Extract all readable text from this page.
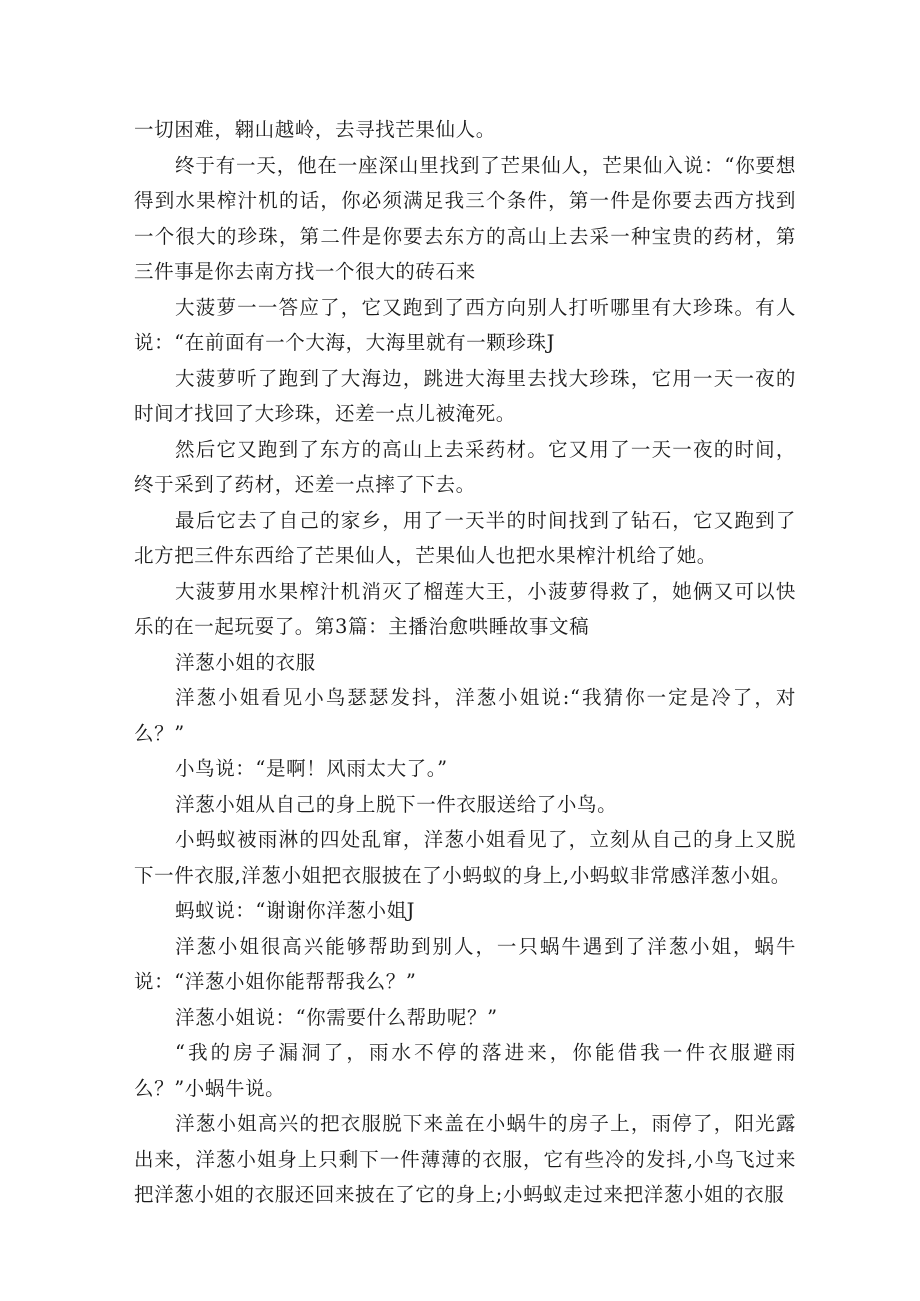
一切困难，翱山越岭，去寻找芒果仙人。

终于有一天，他在一座深山里找到了芒果仙人，芒果仙入说：“你要想得到水果榨汁机的话，你必须满足我三个条件，第一件是你要去西方找到一个很大的珍珠，第二件是你要去东方的高山上去采一种宝贵的药材，第三件事是你去南方找一个很大的砖石来

大菠萝一一答应了，它又跑到了西方向别人打听哪里有大珍珠。有人说：“在前面有一个大海，大海里就有一颗珍珠J

大菠萝听了跑到了大海边，跳进大海里去找大珍珠，它用一天一夜的时间才找回了大珍珠，还差一点儿被淹死。

然后它又跑到了东方的高山上去采药材。它又用了一天一夜的时间，终于采到了药材，还差一点摔了下去。

最后它去了自己的家乡，用了一天半的时间找到了钻石，它又跑到了北方把三件东西给了芒果仙人，芒果仙人也把水果榨汁机给了她。

大菠萝用水果榨汁机消灭了榴莲大王，小菠萝得救了，她俩又可以快乐的在一起玩耍了。第3篇：主播治愈哄睡故事文稿

洋葱小姐的衣服

洋葱小姐看见小鸟瑟瑟发抖，洋葱小姐说:“我猜你一定是冷了，对么？”

小鸟说：“是啊！风雨太大了。”

洋葱小姐从自己的身上脱下一件衣服送给了小鸟。

小蚂蚁被雨淋的四处乱窜，洋葱小姐看见了，立刻从自己的身上又脱下一件衣服,洋葱小姐把衣服披在了小蚂蚁的身上,小蚂蚁非常感洋葱小姐。

蚂蚁说：“谢谢你洋葱小姐J

洋葱小姐很高兴能够帮助到别人，一只蜗牛遇到了洋葱小姐，蜗牛说：“洋葱小姐你能帮帮我么？”

洋葱小姐说：“你需要什么帮助呢？”

“我的房子漏洞了，雨水不停的落进来，你能借我一件衣服避雨么？”小蜗牛说。

洋葱小姐高兴的把衣服脱下来盖在小蜗牛的房子上，雨停了，阳光露出来，洋葱小姐身上只剩下一件薄薄的衣服，它有些冷的发抖,小鸟飞过来把洋葱小姐的衣服还回来披在了它的身上;小蚂蚁走过来把洋葱小姐的衣服
